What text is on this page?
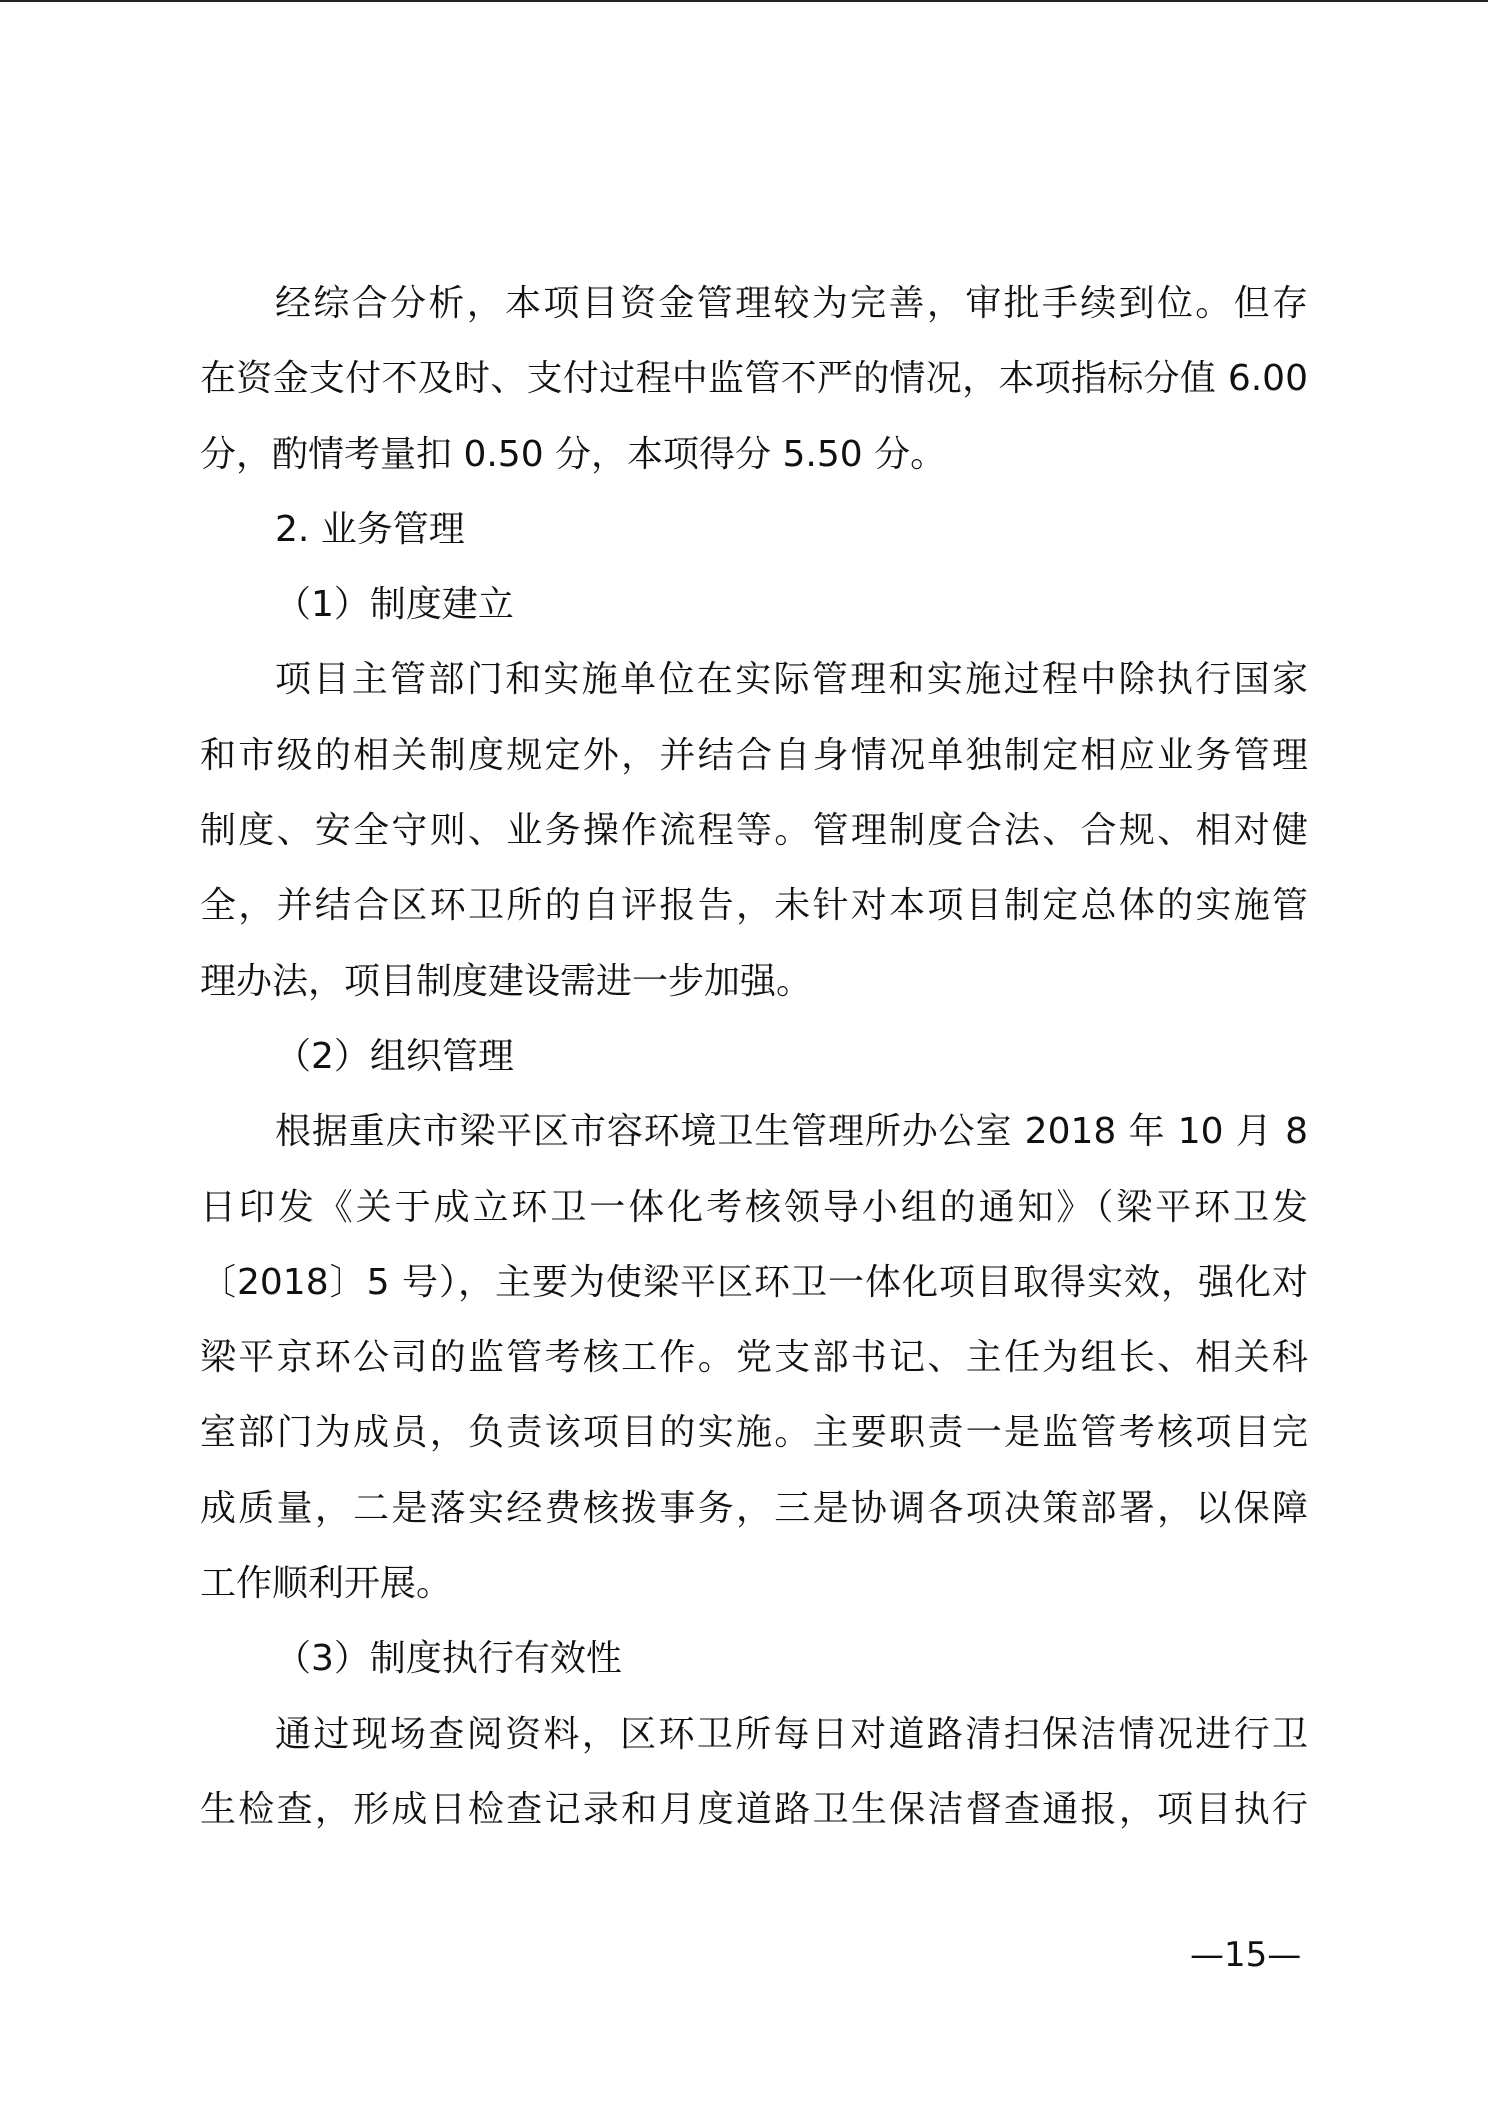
经综合分析，本项目资金管理较为完善，审批手续到位。但存
在资金支付不及时、支付过程中监管不严的情况，本项指标分值 6.00
分，酌情考量扣 0.50 分，本项得分 5.50 分。
2. 业务管理
（1）制度建立
项目主管部门和实施单位在实际管理和实施过程中除执行国家
和市级的相关制度规定外，并结合自身情况单独制定相应业务管理
制度、安全守则、业务操作流程等。管理制度合法、合规、相对健
全，并结合区环卫所的自评报告，未针对本项目制定总体的实施管
理办法，项目制度建设需进一步加强。
（2）组织管理
根据重庆市梁平区市容环境卫生管理所办公室 2018 年 10 月 8
日印发《关于成立环卫一体化考核领导小组的通知》（梁平环卫发
〔2018〕5 号），主要为使梁平区环卫一体化项目取得实效，强化对
梁平京环公司的监管考核工作。党支部书记、主任为组长、相关科
室部门为成员，负责该项目的实施。主要职责一是监管考核项目完
成质量，二是落实经费核拨事务，三是协调各项决策部署，以保障
工作顺利开展。
（3）制度执行有效性
通过现场查阅资料，区环卫所每日对道路清扫保洁情况进行卫
生检查，形成日检查记录和月度道路卫生保洁督查通报，项目执行
—15—
